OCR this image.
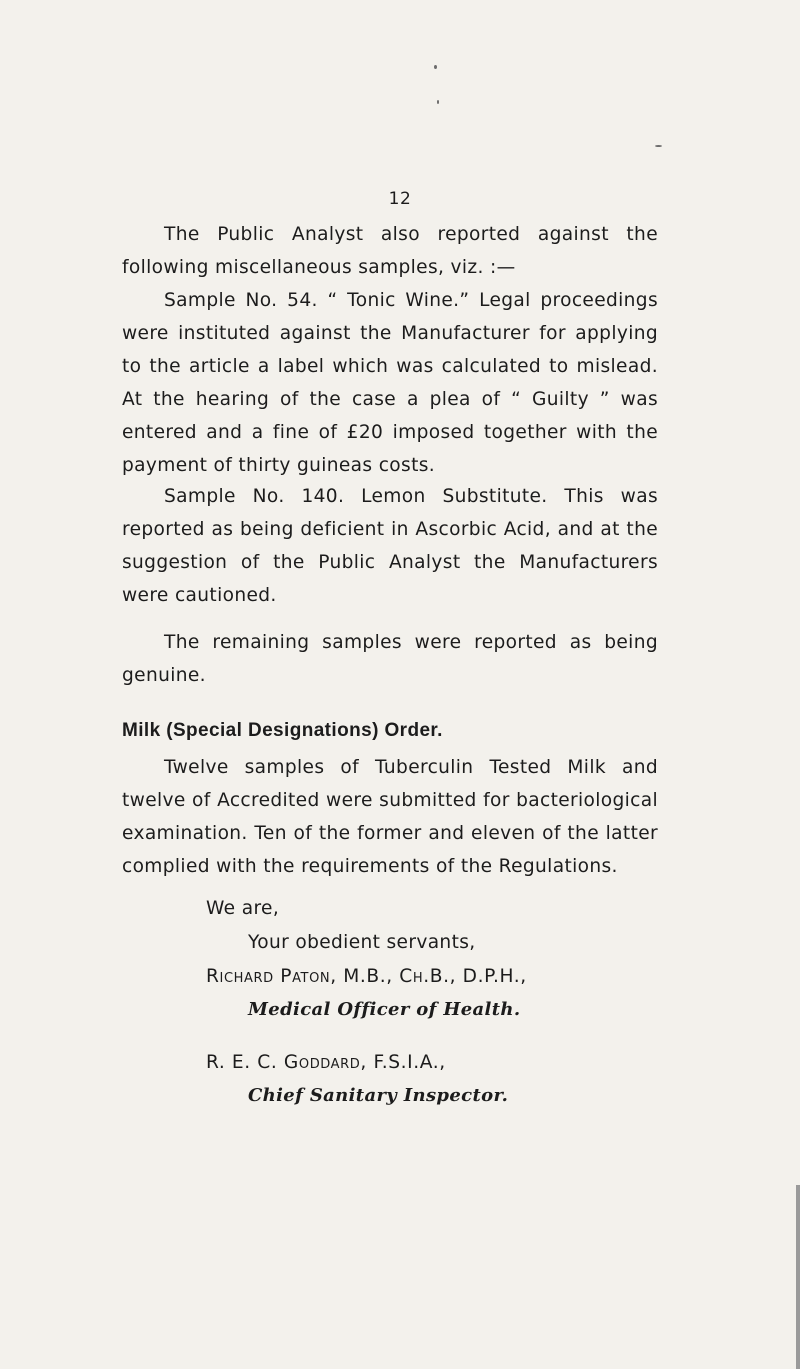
12

The Public Analyst also reported against the following miscellaneous samples, viz. :—

Sample No. 54. “ Tonic Wine.” Legal proceedings were instituted against the Manufacturer for applying to the article a label which was calculated to mislead. At the hearing of the case a plea of “ Guilty ” was entered and a fine of £20 imposed together with the payment of thirty guineas costs.

Sample No. 140. Lemon Substitute. This was reported as being deficient in Ascorbic Acid, and at the suggestion of the Public Analyst the Manufacturers were cautioned.

The remaining samples were reported as being genuine.

Milk (Special Designations) Order.

Twelve samples of Tuberculin Tested Milk and twelve of Accredited were submitted for bacteriological examination. Ten of the former and eleven of the latter complied with the requirements of the Regulations.

We are,

Your obedient servants,

Richard Paton, M.B., Ch.B., D.P.H.,

Medical Officer of Health.

R. E. C. Goddard, F.S.I.A.,

Chief Sanitary Inspector.
